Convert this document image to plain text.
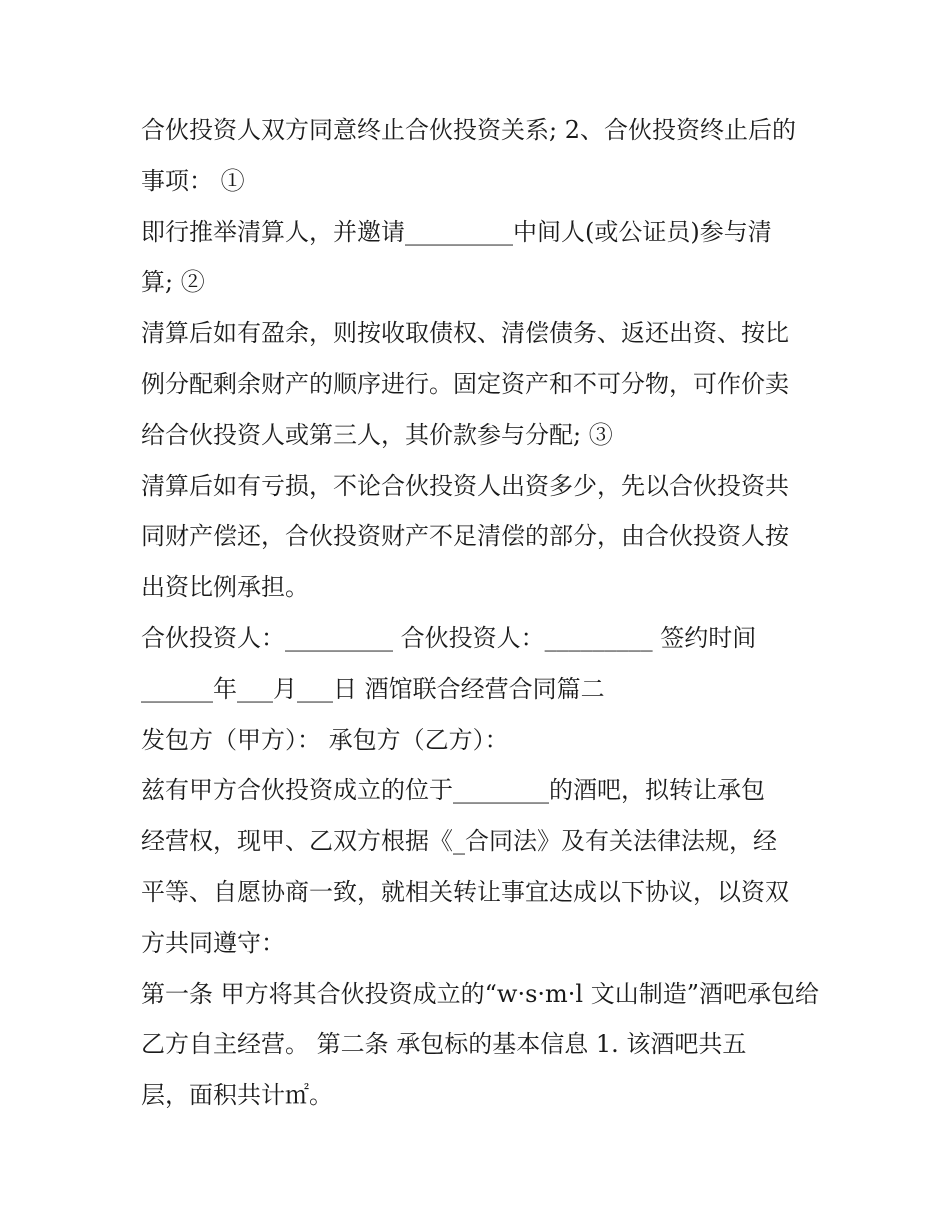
合伙投资人双方同意终止合伙投资关系; 2、合伙投资终止后的
事项： ①
即行推举清算人，并邀请_________中间人(或公证员)参与清
算; ②
清算后如有盈余，则按收取债权、清偿债务、返还出资、按比
例分配剩余财产的顺序进行。固定资产和不可分物，可作价卖
给合伙投资人或第三人，其价款参与分配; ③
清算后如有亏损，不论合伙投资人出资多少，先以合伙投资共
同财产偿还，合伙投资财产不足清偿的部分，由合伙投资人按
出资比例承担。
合伙投资人：_________ 合伙投资人：_________ 签约时间
______年___月___日 酒馆联合经营合同篇二
发包方（甲方）： 承包方（乙方）：
兹有甲方合伙投资成立的位于________的酒吧，拟转让承包
经营权，现甲、乙双方根据《_合同法》及有关法律法规，经
平等、自愿协商一致，就相关转让事宜达成以下协议，以资双
方共同遵守：
第一条 甲方将其合伙投资成立的“w·s·m·l 文山制造”酒吧承包给
乙方自主经营。 第二条 承包标的基本信息 1. 该酒吧共五
层，面积共计㎡。
